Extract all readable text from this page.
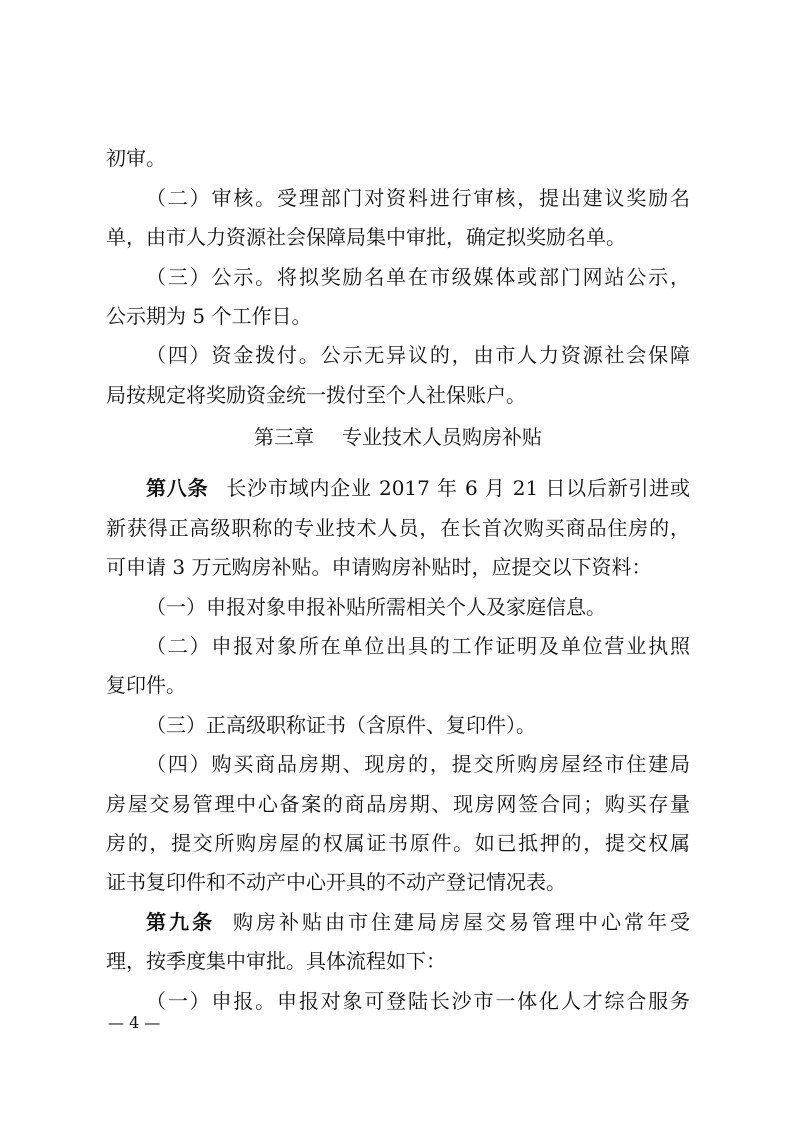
初审。
（二）审核。受理部门对资料进行审核，提出建议奖励名
单，由市人力资源社会保障局集中审批，确定拟奖励名单。
（三）公示。将拟奖励名单在市级媒体或部门网站公示，
公示期为 5 个工作日。
（四）资金拨付。公示无异议的，由市人力资源社会保障
局按规定将奖励资金统一拨付至个人社保账户。
第三章 专业技术人员购房补贴
第八条 长沙市域内企业 2017 年 6 月 21 日以后新引进或
新获得正高级职称的专业技术人员，在长首次购买商品住房的，
可申请 3 万元购房补贴。申请购房补贴时，应提交以下资料：
（一）申报对象申报补贴所需相关个人及家庭信息。
（二）申报对象所在单位出具的工作证明及单位营业执照
复印件。
（三）正高级职称证书（含原件、复印件）。
（四）购买商品房期、现房的，提交所购房屋经市住建局
房屋交易管理中心备案的商品房期、现房网签合同；购买存量
房的，提交所购房屋的权属证书原件。如已抵押的，提交权属
证书复印件和不动产中心开具的不动产登记情况表。
第九条 购房补贴由市住建局房屋交易管理中心常年受
理，按季度集中审批。具体流程如下：
（一）申报。申报对象可登陆长沙市一体化人才综合服务
— 4 —
